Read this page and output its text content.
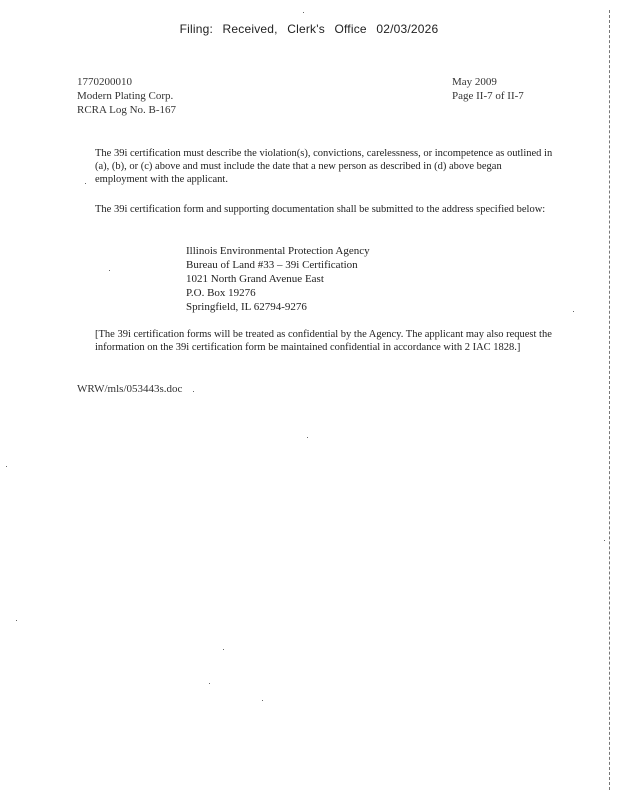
Filing: Received, Clerk's Office 02/03/2026
1770200010
Modern Plating Corp.
RCRA Log No. B-167
May 2009
Page II-7 of II-7
The 39i certification must describe the violation(s), convictions, carelessness, or incompetence as outlined in (a), (b), or (c) above and must include the date that a new person as described in (d) above began employment with the applicant.
The 39i certification form and supporting documentation shall be submitted to the address specified below:
Illinois Environmental Protection Agency
Bureau of Land #33 – 39i Certification
1021 North Grand Avenue East
P.O. Box 19276
Springfield, IL 62794-9276
[The 39i certification forms will be treated as confidential by the Agency. The applicant may also request the information on the 39i certification form be maintained confidential in accordance with 2 IAC 1828.]
WRW/mls/053443s.doc
